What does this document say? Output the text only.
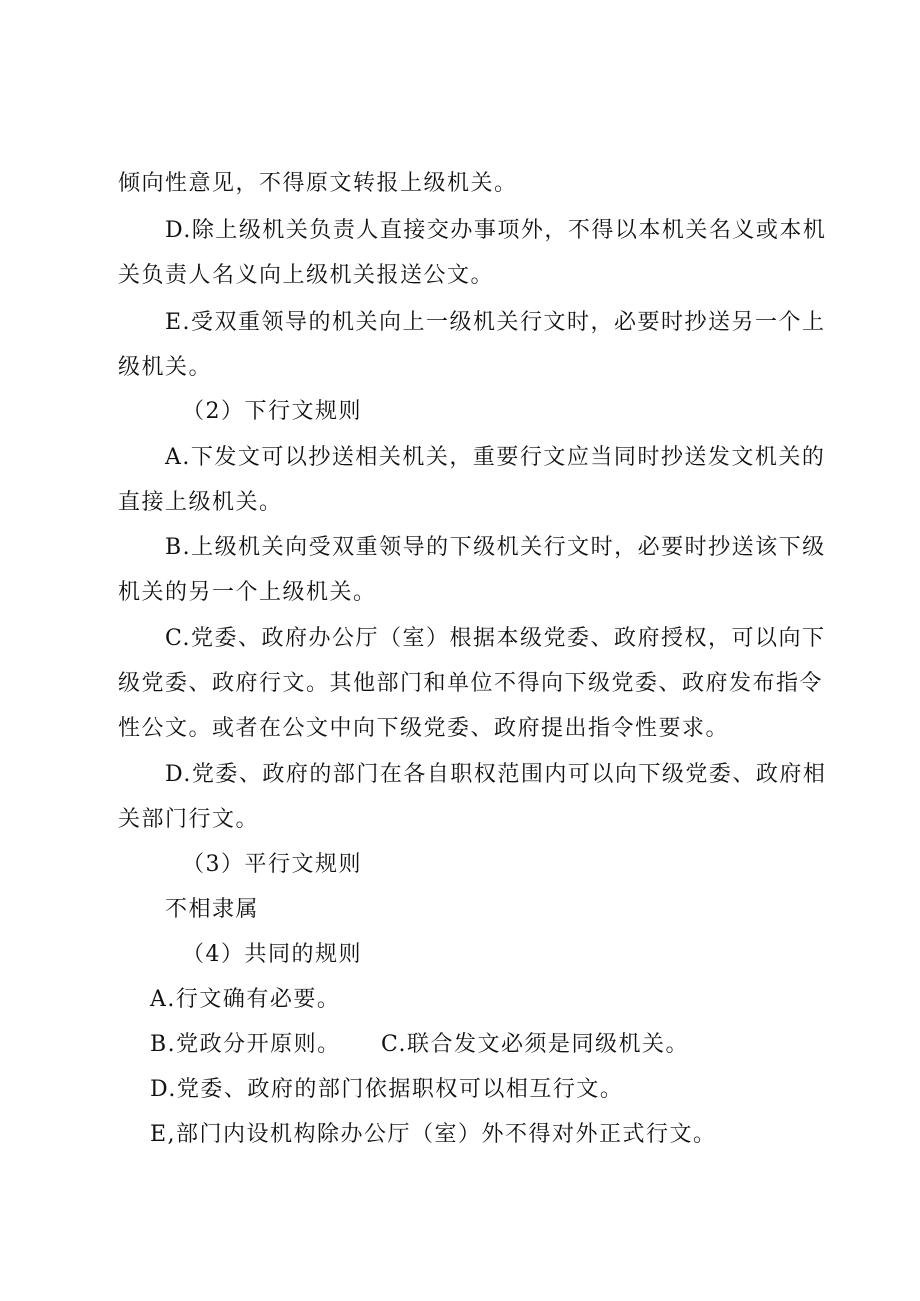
倾向性意见，不得原文转报上级机关。
D.除上级机关负责人直接交办事项外，不得以本机关名义或本机
关负责人名义向上级机关报送公文。
E.受双重领导的机关向上一级机关行文时，必要时抄送另一个上
级机关。
（2）下行文规则
A.下发文可以抄送相关机关，重要行文应当同时抄送发文机关的
直接上级机关。
B.上级机关向受双重领导的下级机关行文时，必要时抄送该下级
机关的另一个上级机关。
C.党委、政府办公厅（室）根据本级党委、政府授权，可以向下
级党委、政府行文。其他部门和单位不得向下级党委、政府发布指令
性公文。或者在公文中向下级党委、政府提出指令性要求。
D.党委、政府的部门在各自职权范围内可以向下级党委、政府相
关部门行文。
（3）平行文规则
不相隶属
（4）共同的规则
A.行文确有必要。
B.党政分开原则。 C.联合发文必须是同级机关。
D.党委、政府的部门依据职权可以相互行文。
E,部门内设机构除办公厅（室）外不得对外正式行文。
